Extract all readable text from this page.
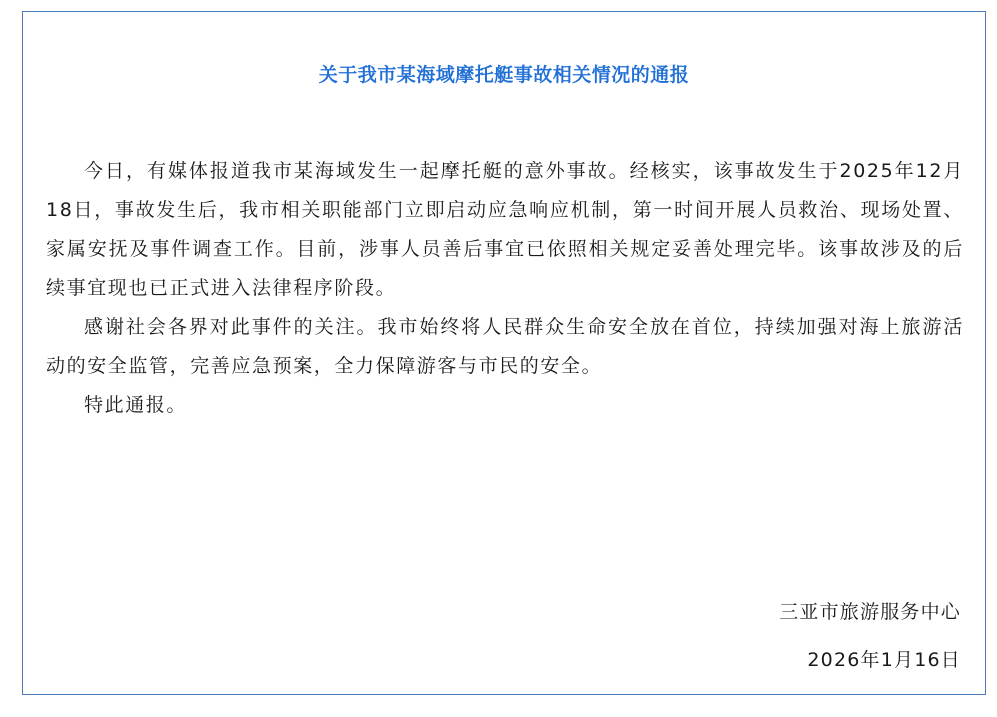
关于我市某海域摩托艇事故相关情况的通报

今日，有媒体报道我市某海域发生一起摩托艇的意外事故。经核实，该事故发生于2025年12月18日，事故发生后，我市相关职能部门立即启动应急响应机制，第一时间开展人员救治、现场处置、家属安抚及事件调查工作。目前，涉事人员善后事宜已依照相关规定妥善处理完毕。该事故涉及的后续事宜现也已正式进入法律程序阶段。

感谢社会各界对此事件的关注。我市始终将人民群众生命安全放在首位，持续加强对海上旅游活动的安全监管，完善应急预案，全力保障游客与市民的安全。

特此通报。

三亚市旅游服务中心
2026年1月16日
